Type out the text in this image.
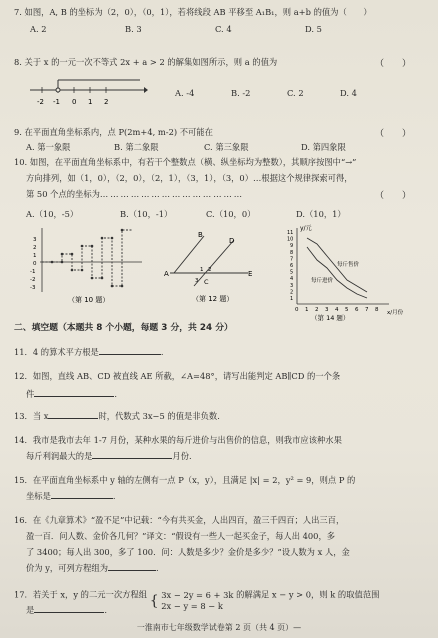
7. 如图，A, B 的坐标为（2，0），（0，1），若将线段 AB 平移至 A₁B₁，则 a+b 的值为（　　）
A. 2	B. 3	C. 4	D. 5
8. 关于 x 的一元一次不等式 2x + a > 2 的解集如图所示，则 a 的值为	（　　）
-2 -1 0 1 2
A. -4	B. -2	C. 2	D. 4
9. 在平面直角坐标系内，点 P(2m+4, m-2) 不可能在	（　　）
A. 第一象限	B. 第二象限	C. 第三象限	D. 第四象限
10. 如图，在平面直角坐标系中，有若干个整数点（横、纵坐标均为整数），其顺序按图中“→”
方向排列，如（1，0），（2，0），（2，1），（3，1），（3，0）…根据这个规律探索可得，
第 50 个点的坐标为……………………………………	（　　）
A.（10，-5）	B.（10，-1）	C.（10，0）	D.（10，1）
3
2
1
0
-1
-2
-3
（第 10 题）
B
D
A	E
C
1 2
3
（第 12 题）
y/元
x/月份
11
10
9
8
7
6
5
4
3
2
1
0 1 2 3 4 5 6 7 8
每斤售价
每斤进价
（第 14 题）
二、填空题（本题共 8 个小题，每题 3 分，共 24 分）
11．4 的算术平方根是	.
12．如图，直线 AB、CD 被直线 AE 所截，∠A=48°，请写出能判定 AB∥CD 的一个条
件	.
13．当 x	时，代数式 3x−5 的值是非负数.
14．我市是我市去年 1-7 月份，某种水果的每斤进价与出售价的信息，则我市应该种水果
每斤利润最大的是	月份.
15．在平面直角坐标系中 y 轴的左侧有一点 P（x，y），且满足 |x| = 2，y² = 9，则点 P 的
坐标是	.
16．在《九章算术》“盈不足”中记载：“今有共买金，人出四百，盈三千四百；人出三百，
盈一百．问人数、金价各几何？”译文：“假设有一些人一起买金子，每人出 400，多
了 3400；每人出 300，多了 100．问：人数是多少？金价是多少？”设人数为 x 人，金
价为 y，可列方程组为	.
17．若关于 x，y 的二元一次方程组 { 3x − 2y = 6 + 3k
2x − y = 8 − k
的解满足 x − y > 0，则 k 的取值范围
是	.
一淮南市七年级数学试卷第 2 页（共 4 页）—
